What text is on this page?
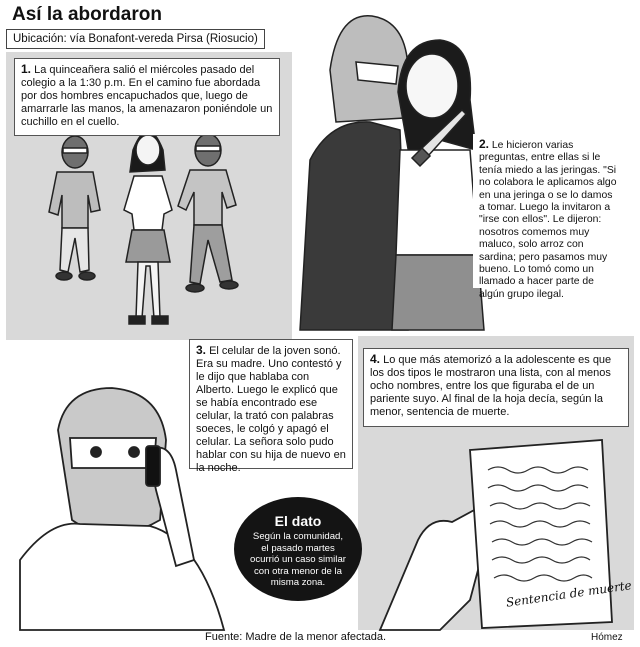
Así la abordaron
Ubicación: vía Bonafont-vereda Pirsa (Riosucio)
1. La quinceañera salió el miércoles pasado del colegio a la 1:30 p.m. En el camino fue abordada por dos hombres encapuchados que, luego de amarrarle las manos, la amenazaron poniéndole un cuchillo en el cuello.
2. Le hicieron varias preguntas, entre ellas si le tenía miedo a las jeringas. "Si no colabora le aplicamos algo en una jeringa o se lo damos a tomar. Luego la invitaron a "irse con ellos". Le dijeron: nosotros comemos muy maluco, solo arroz con sardina; pero pasamos muy bueno. Lo tomó como un llamado a hacer parte de algún grupo ilegal.
Sentencia de muerte
3. El celular de la joven sonó. Era su madre. Uno contestó y le dijo que hablaba con Alberto. Luego le explicó que se había encontrado ese celular, la trató con palabras soeces, le colgó y apagó el celular. La señora solo pudo hablar con su hija de nuevo en la noche.
4. Lo que más atemorizó a la adolescente es que los dos tipos le mostraron una lista, con al menos ocho nombres, entre los que figuraba el de un pariente suyo. Al final de la hoja decía, según la menor, sentencia de muerte.
El dato
Según la comunidad, el pasado martes ocurrió un caso similar con otra menor de la misma zona.
Fuente: Madre de la menor afectada.	Hómez
